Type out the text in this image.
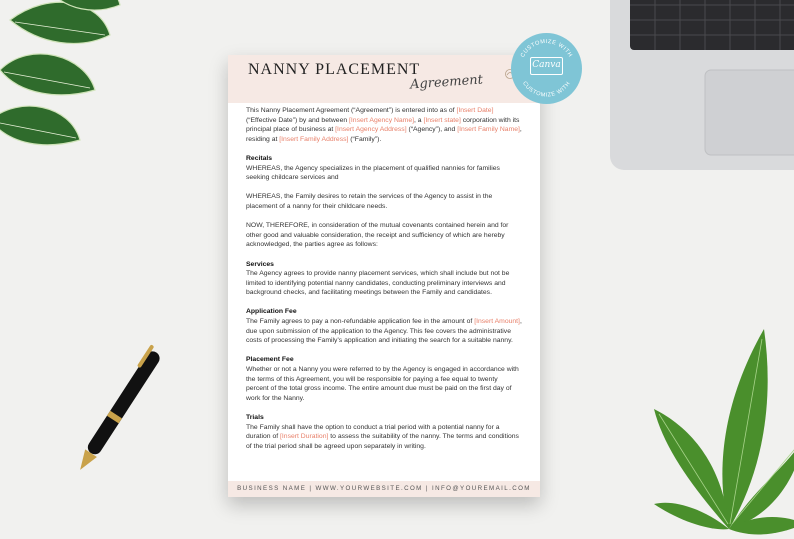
NANNY PLACEMENT
Agreement

This Nanny Placement Agreement (“Agreement”) is entered into as of [Insert Date] (“Effective Date”) by and between [Insert Agency Name], a [Insert state] corporation with its principal place of business at [Insert Agency Address] (“Agency”), and [Insert Family Name], residing at [Insert Family Address] (“Family”).

Recitals
WHEREAS, the Agency specializes in the placement of qualified nannies for families seeking childcare services and

WHEREAS, the Family desires to retain the services of the Agency to assist in the placement of a nanny for their childcare needs.

NOW, THEREFORE, in consideration of the mutual covenants contained herein and for other good and valuable consideration, the receipt and sufficiency of which are hereby acknowledged, the parties agree as follows:

Services
The Agency agrees to provide nanny placement services, which shall include but not be limited to identifying potential nanny candidates, conducting preliminary interviews and background checks, and facilitating meetings between the Family and candidates.

Application Fee
The Family agrees to pay a non-refundable application fee in the amount of [Insert Amount], due upon submission of the application to the Agency. This fee covers the administrative costs of processing the Family’s application and initiating the search for a suitable nanny.

Placement Fee
Whether or not a Nanny you were referred to by the Agency is engaged in accordance with the terms of this Agreement, you will be responsible for paying a fee equal to twenty percent of the total gross income. The entire amount due must be paid on the first day of work for the Nanny.

Trials
The Family shall have the option to conduct a trial period with a potential nanny for a duration of [Insert Duration] to assess the suitability of the nanny. The terms and conditions of the trial period shall be agreed upon separately in writing.

BUSINESS NAME | WWW.YOURWEBSITE.COM | INFO@YOUREMAIL.COM
CUSTOMIZE WITH
CUSTOMIZE WITH
Canva
